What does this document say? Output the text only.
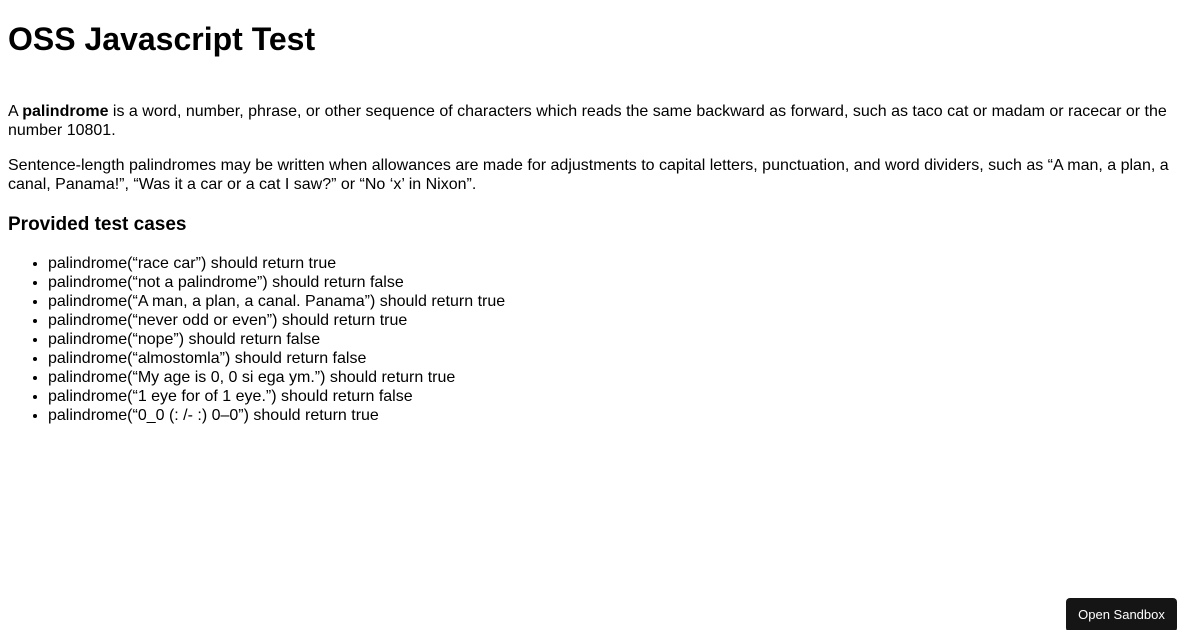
OSS Javascript Test

A palindrome is a word, number, phrase, or other sequence of characters which reads the same backward as forward, such as taco cat or madam or racecar or the number 10801.

Sentence-length palindromes may be written when allowances are made for adjustments to capital letters, punctuation, and word dividers, such as “A man, a plan, a canal, Panama!”, “Was it a car or a cat I saw?” or “No ‘x’ in Nixon”.

Provided test cases
• palindrome(“race car”) should return true
• palindrome(“not a palindrome”) should return false
• palindrome(“A man, a plan, a canal. Panama”) should return true
• palindrome(“never odd or even”) should return true
• palindrome(“nope”) should return false
• palindrome(“almostomla”) should return false
• palindrome(“My age is 0, 0 si ega ym.”) should return true
• palindrome(“1 eye for of 1 eye.”) should return false
• palindrome(“0_0 (: /- :) 0–0”) should return true
Open Sandbox
